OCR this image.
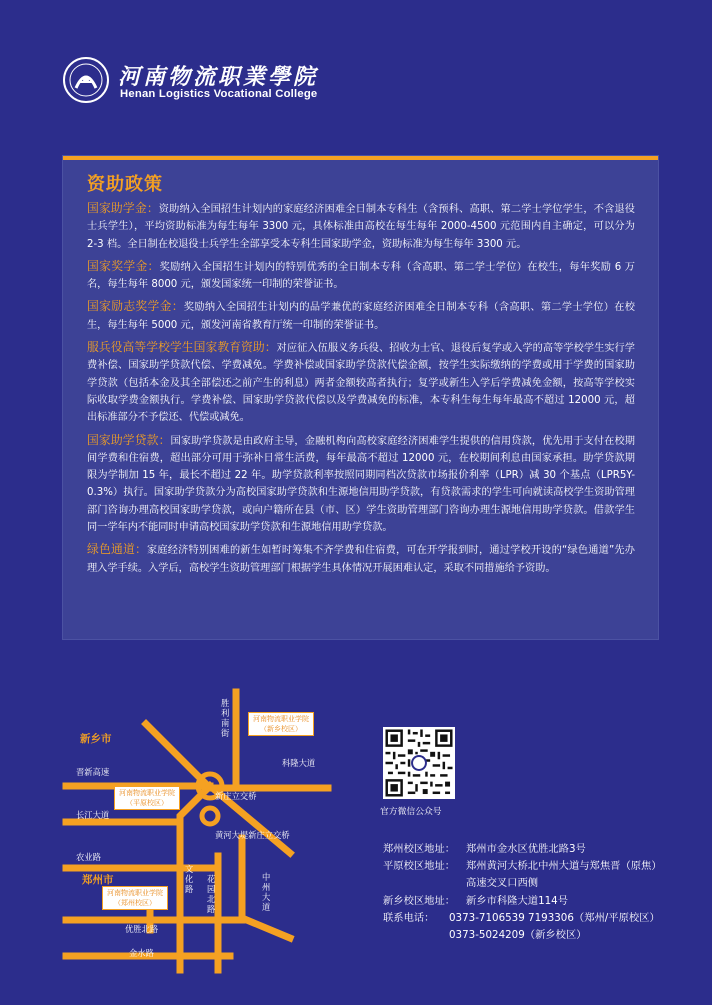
河南物流职業學院
Henan Logistics Vocational College
资助政策

国家助学金：资助纳入全国招生计划内的家庭经济困难全日制本专科生（含预科、高职、第二学士学位学生，不含退役士兵学生），平均资助标准为每生每年 3300 元，具体标准由高校在每生每年 2000-4500 元范围内自主确定，可以分为 2-3 档。全日制在校退役士兵学生全部享受本专科生国家助学金，资助标准为每生每年 3300 元。

国家奖学金：奖励纳入全国招生计划内的特别优秀的全日制本专科（含高职、第二学士学位）在校生，每年奖励 6 万名，每生每年 8000 元，颁发国家统一印制的荣誉证书。

国家励志奖学金：奖励纳入全国招生计划内的品学兼优的家庭经济困难全日制本专科（含高职、第二学士学位）在校生，每生每年 5000 元，颁发河南省教育厅统一印制的荣誉证书。

服兵役高等学校学生国家教育资助：对应征入伍服义务兵役、招收为士官、退役后复学或入学的高等学校学生实行学费补偿、国家助学贷款代偿、学费减免。学费补偿或国家助学贷款代偿金额，按学生实际缴纳的学费或用于学费的国家助学贷款（包括本金及其全部偿还之前产生的利息）两者金额较高者执行；复学或新生入学后学费减免金额，按高等学校实际收取学费金额执行。学费补偿、国家助学贷款代偿以及学费减免的标准，本专科生每生每年最高不超过 12000 元，超出标准部分不予偿还、代偿或减免。

国家助学贷款：国家助学贷款是由政府主导，金融机构向高校家庭经济困难学生提供的信用贷款，优先用于支付在校期间学费和住宿费，超出部分可用于弥补日常生活费，每年最高不超过 12000 元，在校期间利息由国家承担。助学贷款期限为学制加 15 年，最长不超过 22 年。助学贷款利率按照同期同档次贷款市场报价利率（LPR）减 30 个基点（LPR5Y-0.3%）执行。国家助学贷款分为高校国家助学贷款和生源地信用助学贷款，有贷款需求的学生可向就读高校学生资助管理部门咨询办理高校国家助学贷款，或向户籍所在县（市、区）学生资助管理部门咨询办理生源地信用助学贷款。借款学生同一学年内不能同时申请高校国家助学贷款和生源地信用助学贷款。

绿色通道：家庭经济特别困难的新生如暂时筹集不齐学费和住宿费，可在开学报到时，通过学校开设的“绿色通道”先办理入学手续。入学后，高校学生资助管理部门根据学生具体情况开展困难认定，采取不同措施给予资助。

新乡市
郑州市
胜利南街
科隆大道
晋新高速
新庄立交桥
长江大道
黄河大堤新庄立交桥
农业路
文化路
花园北路
中州大道
优胜北路
金水路
河南物流职业学院
（新乡校区）
河南物流职业学院
（平原校区）
河南物流职业学院
（郑州校区）
官方微信公众号
郑州校区地址： 郑州市金水区优胜北路3号
平原校区地址： 郑州黄河大桥北中州大道与郑焦晋（原焦）
高速交叉口西侧
新乡校区地址： 新乡市科隆大道114号
联系电话： 0373-7106539 7193306（郑州/平原校区）
0373-5024209（新乡校区）
